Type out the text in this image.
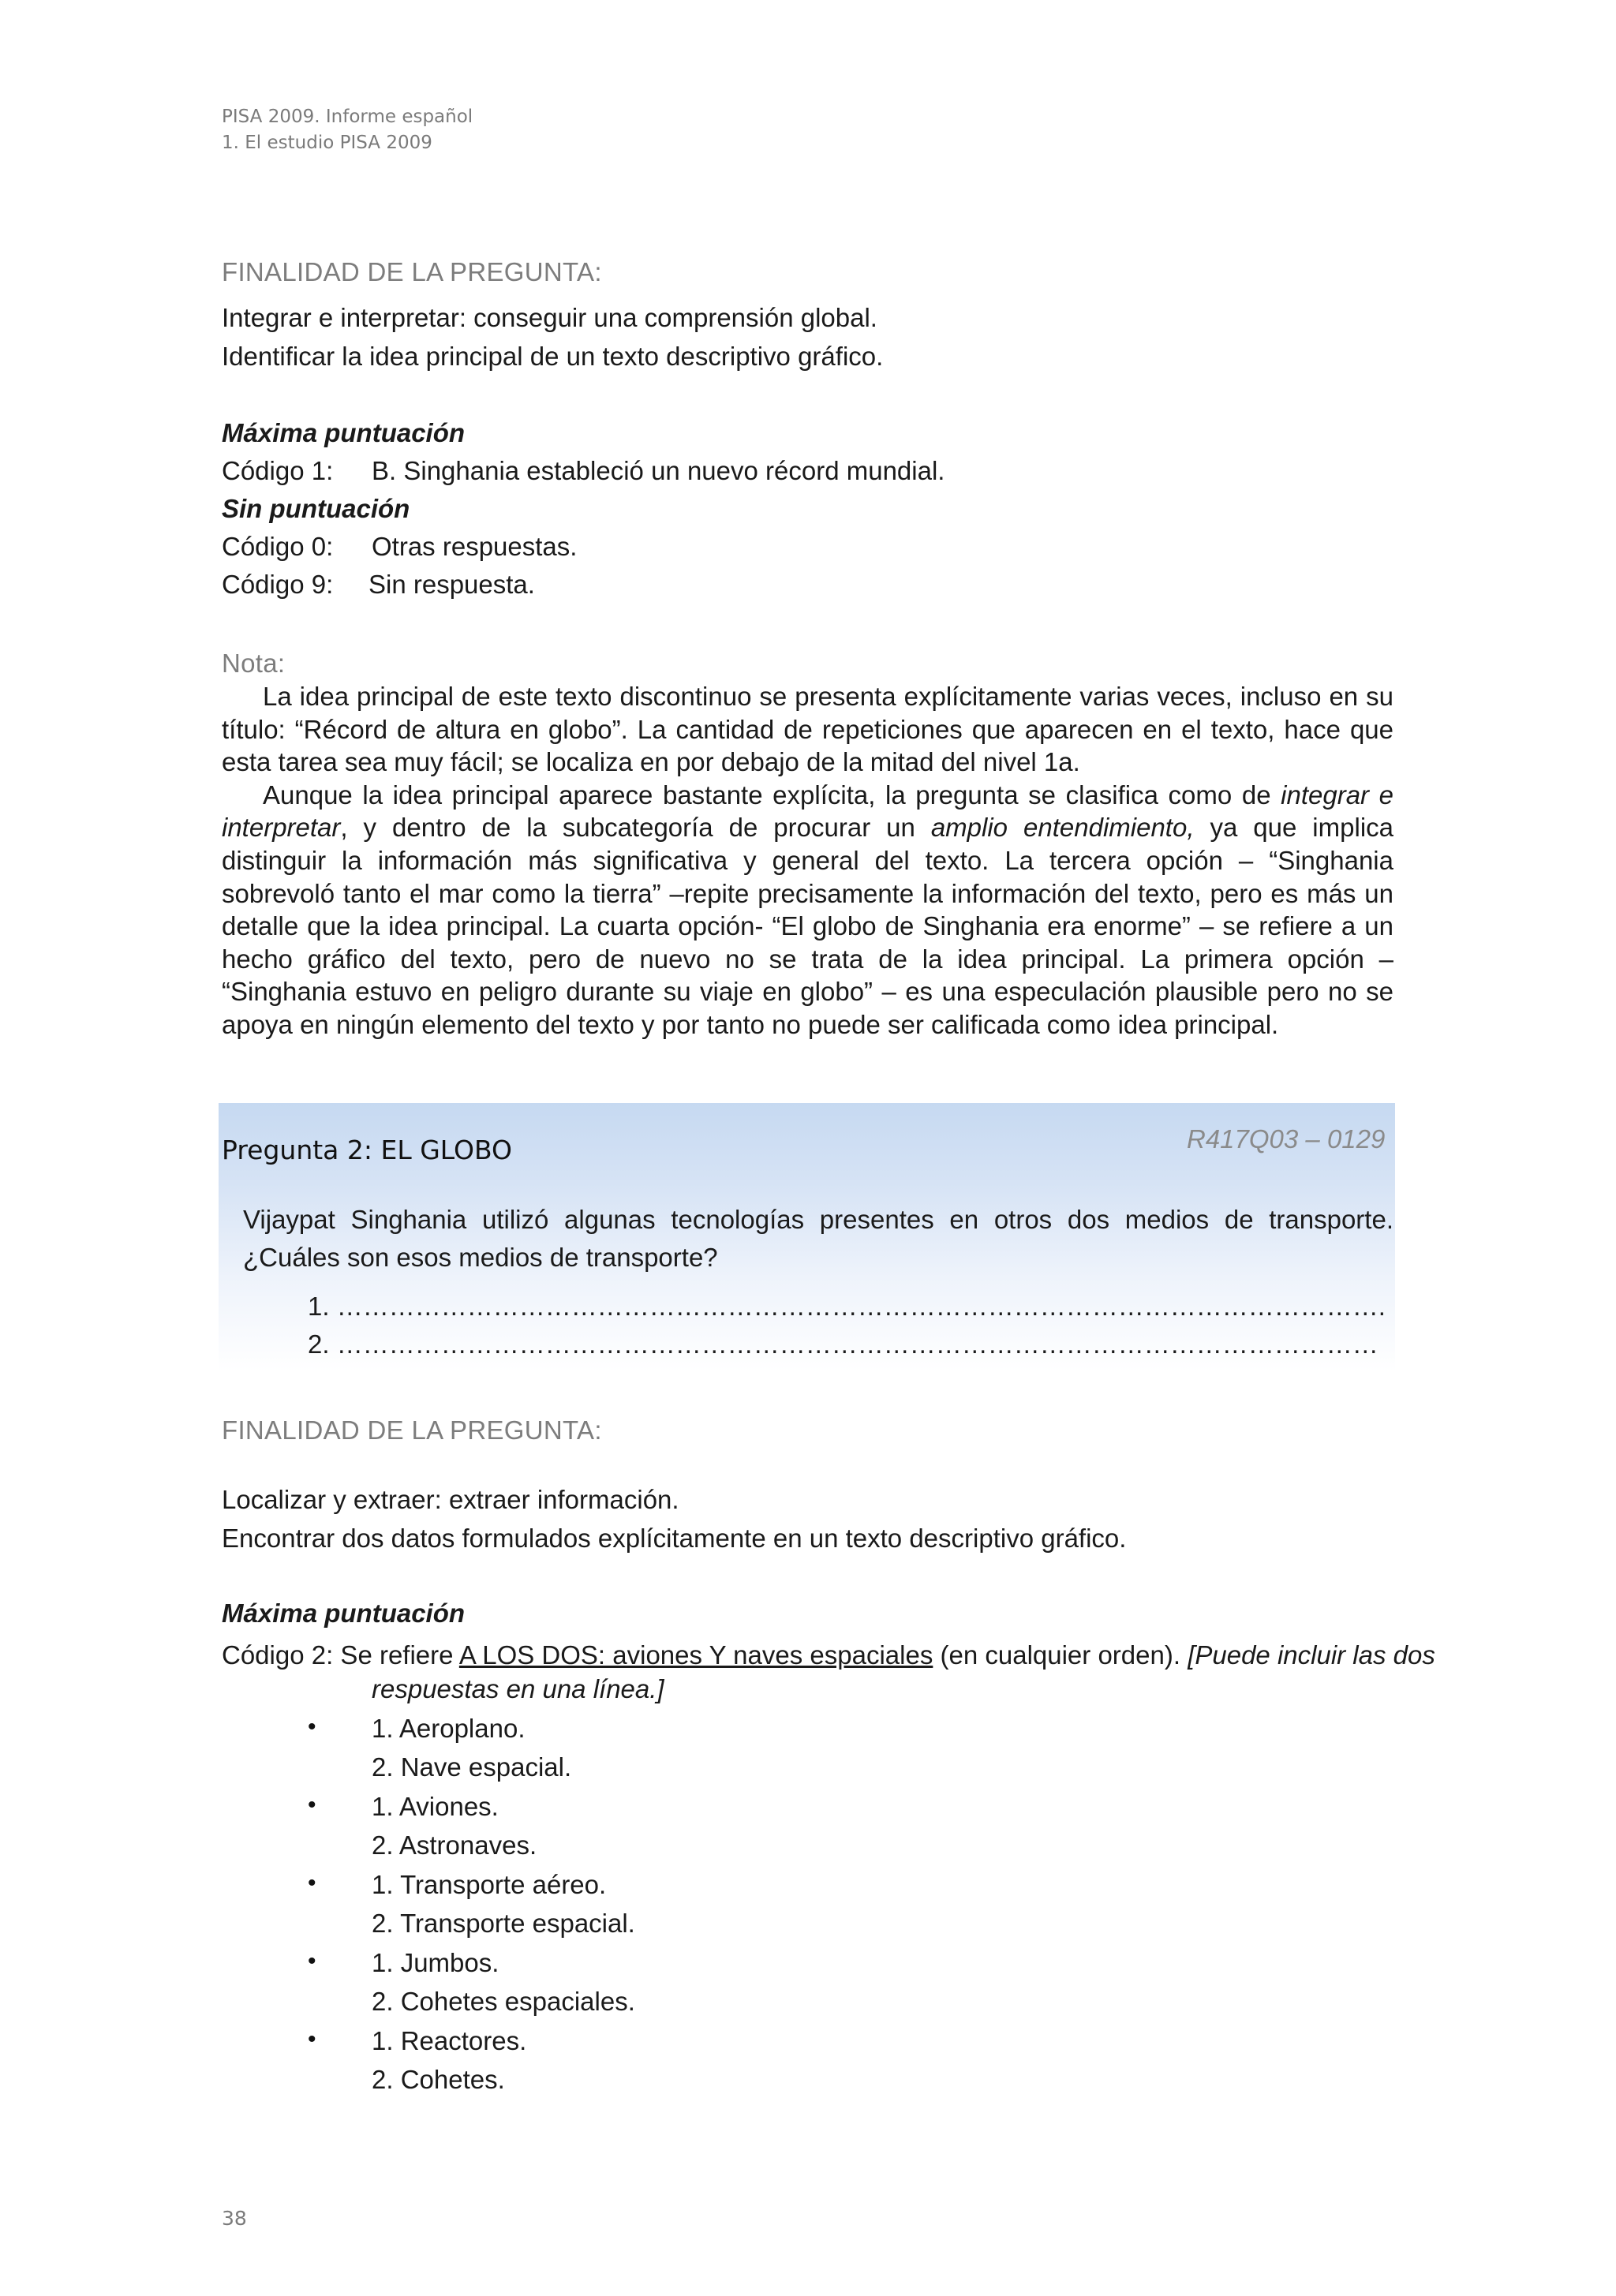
PISA 2009. Informe español
1. El estudio PISA 2009
FINALIDAD DE LA PREGUNTA:
Integrar e interpretar: conseguir una comprensión global.
Identificar la idea principal de un texto descriptivo gráfico.
Máxima puntuación
Código 1: B. Singhania estableció un nuevo récord mundial.
Sin puntuación
Código 0: Otras respuestas.
Código 9: Sin respuesta.
Nota:

La idea principal de este texto discontinuo se presenta explícitamente varias veces, incluso en su título: “Récord de altura en globo”. La cantidad de repeticiones que aparecen en el texto, hace que esta tarea sea muy fácil; se localiza en por debajo de la mitad del nivel 1a.

Aunque la idea principal aparece bastante explícita, la pregunta se clasifica como de integrar e interpretar, y dentro de la subcategoría de procurar un amplio entendimiento, ya que implica distinguir la información más significativa y general del texto. La tercera opción – “Singhania sobrevoló tanto el mar como la tierra” –repite precisamente la información del texto, pero es más un detalle que la idea principal. La cuarta opción- “El globo de Singhania era enorme” – se refiere a un hecho gráfico del texto, pero de nuevo no se trata de la idea principal. La primera opción – “Singhania estuvo en peligro durante su viaje en globo” – es una especulación plausible pero no se apoya en ningún elemento del texto y por tanto no puede ser calificada como idea principal.

Pregunta 2: EL GLOBO	R417Q03 – 0129
Vijaypat Singhania utilizó algunas tecnologías presentes en otros dos medios de transporte. ¿Cuáles son esos medios de transporte?
1. ………………………………………………………………………………………………………….
2. …………………………………………………………………………………………………………
FINALIDAD DE LA PREGUNTA:
Localizar y extraer: extraer información.
Encontrar dos datos formulados explícitamente en un texto descriptivo gráfico.
Máxima puntuación
Código 2: Se refiere A LOS DOS: aviones Y naves espaciales (en cualquier orden). [Puede incluir las dos
respuestas en una línea.]
• 1. Aeroplano.
2. Nave espacial.
• 1. Aviones.
2. Astronaves.
• 1. Transporte aéreo.
2. Transporte espacial.
• 1. Jumbos.
2. Cohetes espaciales.
• 1. Reactores.
2. Cohetes.
38
